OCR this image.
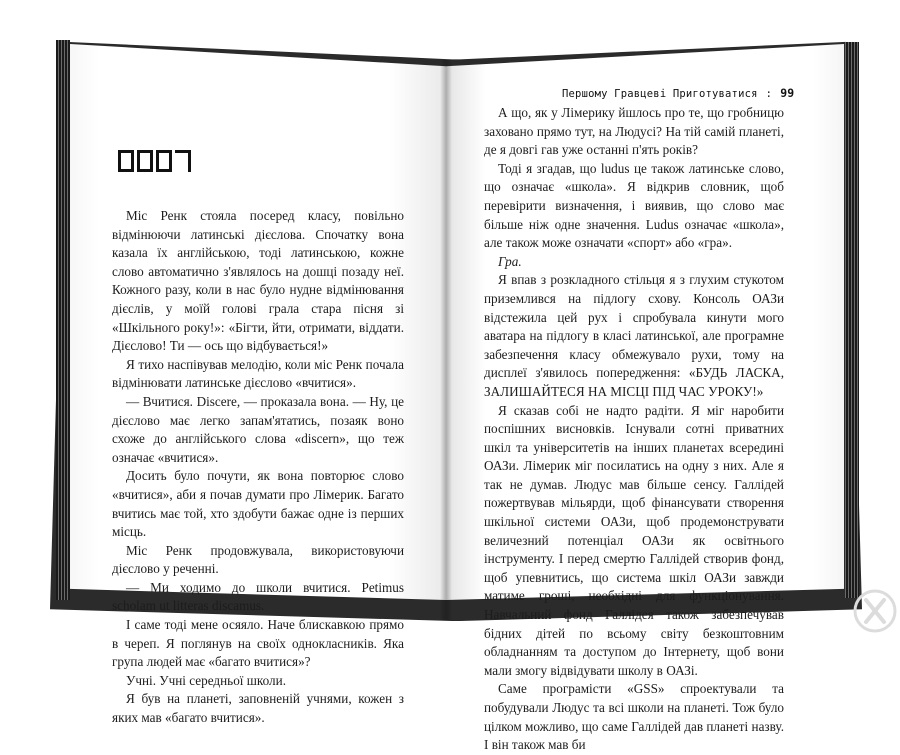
Першому Гравцеві Приготуватися : 99

Міс Ренк стояла посеред класу, повільно відмінюючи латинські дієслова. Спочатку вона казала їх англійською, тоді латинською, кожне слово автоматично з'являлось на дошці позаду неї. Кожного разу, коли в нас було нудне відмінювання дієслів, у моїй голові грала стара пісня зі «Шкільного року!»: «Бігти, йти, отримати, віддати. Дієслово! Ти — ось що відбувається!»

Я тихо наспівував мелодію, коли міс Ренк почала відмінювати латинське дієслово «вчитися».

— Вчитися. Discere, — проказала вона. — Ну, це дієслово має легко запам'ятатись, позаяк воно схоже до англійського слова «discern», що теж означає «вчитися».

Досить було почути, як вона повторює слово «вчитися», аби я почав думати про Лімерик. Багато вчитись має той, хто здобути бажає одне із перших місць.

Міс Ренк продовжувала, використовуючи дієслово у реченні.

— Ми ходимо до школи вчитися. Petimus scholam ut litteras discamus.

І саме тоді мене осяяло. Наче блискавкою прямо в череп. Я поглянув на своїх однокласників. Яка група людей має «багато вчитися»?

Учні. Учні середньої школи.

Я був на планеті, заповненій учнями, кожен з яких мав «багато вчитися».

А що, як у Лімерику йшлось про те, що гробницю заховано прямо тут, на Людусі? На тій самій планеті, де я довгі гав уже останні п'ять років?

Тоді я згадав, що ludus це також латинське слово, що означає «школа». Я відкрив словник, щоб перевірити визначення, і виявив, що слово має більше ніж одне значення. Ludus означає «школа», але також може означати «спорт» або «гра».

Гра.

Я впав з розкладного стільця я з глухим стукотом приземлився на підлогу схову. Консоль ОАЗи відстежила цей рух і спробувала кинути мого аватара на підлогу в класі латинської, але програмне забезпечення класу обмежувало рухи, тому на дисплеї з'явилось попередження: «БУДЬ ЛАСКА, ЗАЛИШАЙТЕСЯ НА МІСЦІ ПІД ЧАС УРОКУ!»

Я сказав собі не надто радіти. Я міг наробити поспішних висновків. Існували сотні приватних шкіл та університетів на інших планетах всередині ОАЗи. Лімерик міг посилатись на одну з них. Але я так не думав. Людус мав більше сенсу. Галлідей пожертвував мільярди, щоб фінансувати створення шкільної системи ОАЗи, щоб продемонструвати величезний потенціал ОАЗи як освітнього інструменту. І перед смертю Галлідей створив фонд, щоб упевнитись, що система шкіл ОАЗи завжди матиме гроші, необхідні для функціонування. Навчальний фонд Галлідея також забезпечував бідних дітей по всьому світу безкоштовним обладнанням та доступом до Інтернету, щоб вони мали змогу відвідувати школу в ОАЗі.

Саме програмісти «GSS» спроектували та побудували Людус та всі школи на планеті. Тож було цілком можливо, що саме Галлідей дав планеті назву. І він також мав би
